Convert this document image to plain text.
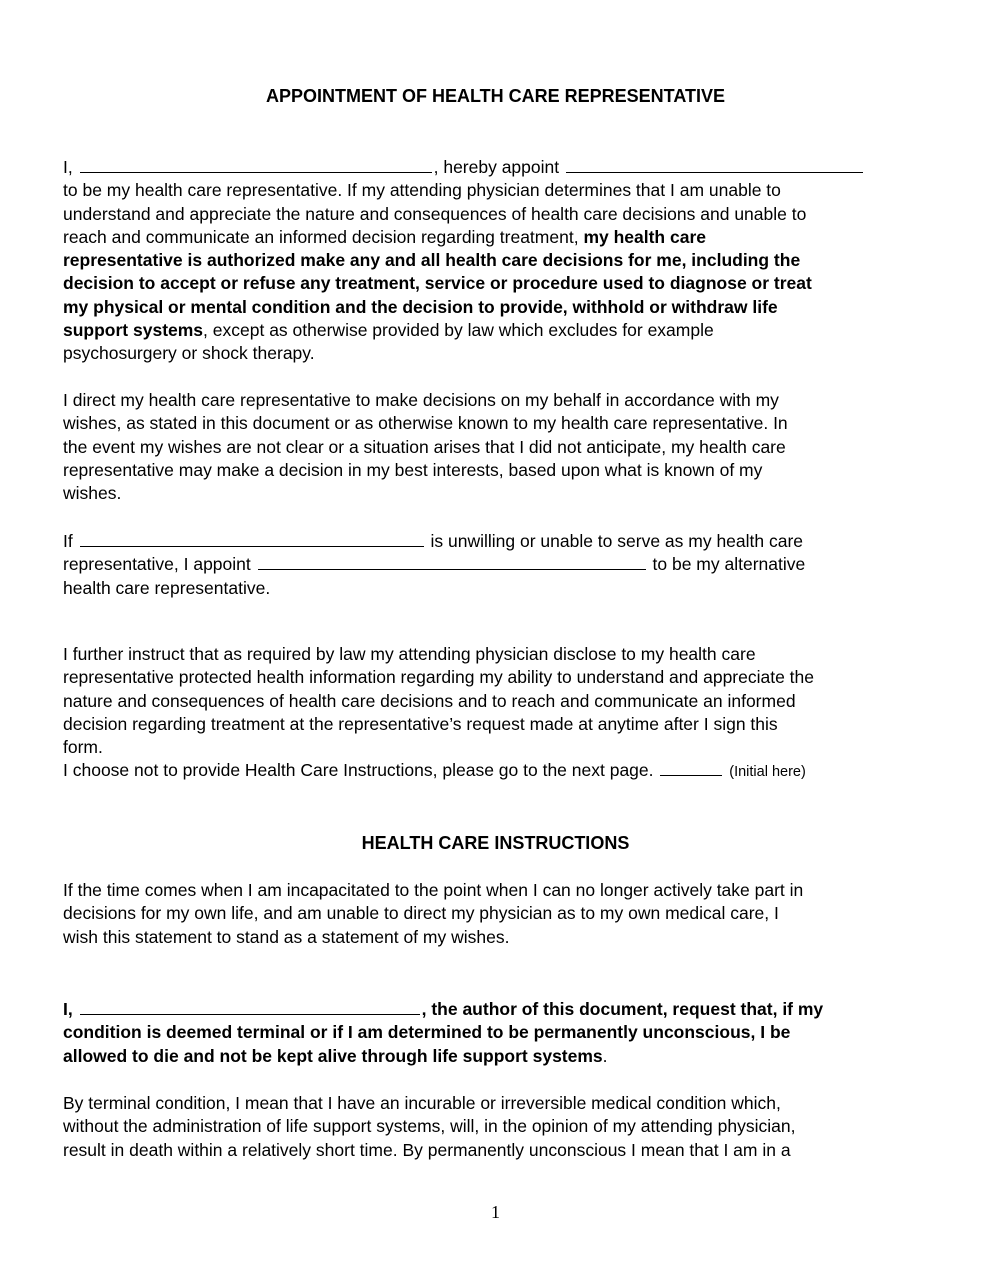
APPOINTMENT OF HEALTH CARE REPRESENTATIVE
I,	, hereby appoint
to be my health care representative. If my attending physician determines that I am unable to
understand and appreciate the nature and consequences of health care decisions and unable to
reach and communicate an informed decision regarding treatment, my health care
representative is authorized make any and all health care decisions for me, including the
decision to accept or refuse any treatment, service or procedure used to diagnose or treat
my physical or mental condition and the decision to provide, withhold or withdraw life
support systems, except as otherwise provided by law which excludes for example
psychosurgery or shock therapy.
I direct my health care representative to make decisions on my behalf in accordance with my
wishes, as stated in this document or as otherwise known to my health care representative. In
the event my wishes are not clear or a situation arises that I did not anticipate, my health care
representative may make a decision in my best interests, based upon what is known of my
wishes.
If	is unwilling or unable to serve as my health care
representative, I appoint	to be my alternative
health care representative.
I further instruct that as required by law my attending physician disclose to my health care
representative protected health information regarding my ability to understand and appreciate the
nature and consequences of health care decisions and to reach and communicate an informed
decision regarding treatment at the representative’s request made at anytime after I sign this
form.
I choose not to provide Health Care Instructions, please go to the next page.	(Initial here)
HEALTH CARE INSTRUCTIONS
If the time comes when I am incapacitated to the point when I can no longer actively take part in
decisions for my own life, and am unable to direct my physician as to my own medical care, I
wish this statement to stand as a statement of my wishes.
I,	, the author of this document, request that, if my
condition is deemed terminal or if I am determined to be permanently unconscious, I be
allowed to die and not be kept alive through life support systems.
By terminal condition, I mean that I have an incurable or irreversible medical condition which,
without the administration of life support systems, will, in the opinion of my attending physician,
result in death within a relatively short time. By permanently unconscious I mean that I am in a
1
